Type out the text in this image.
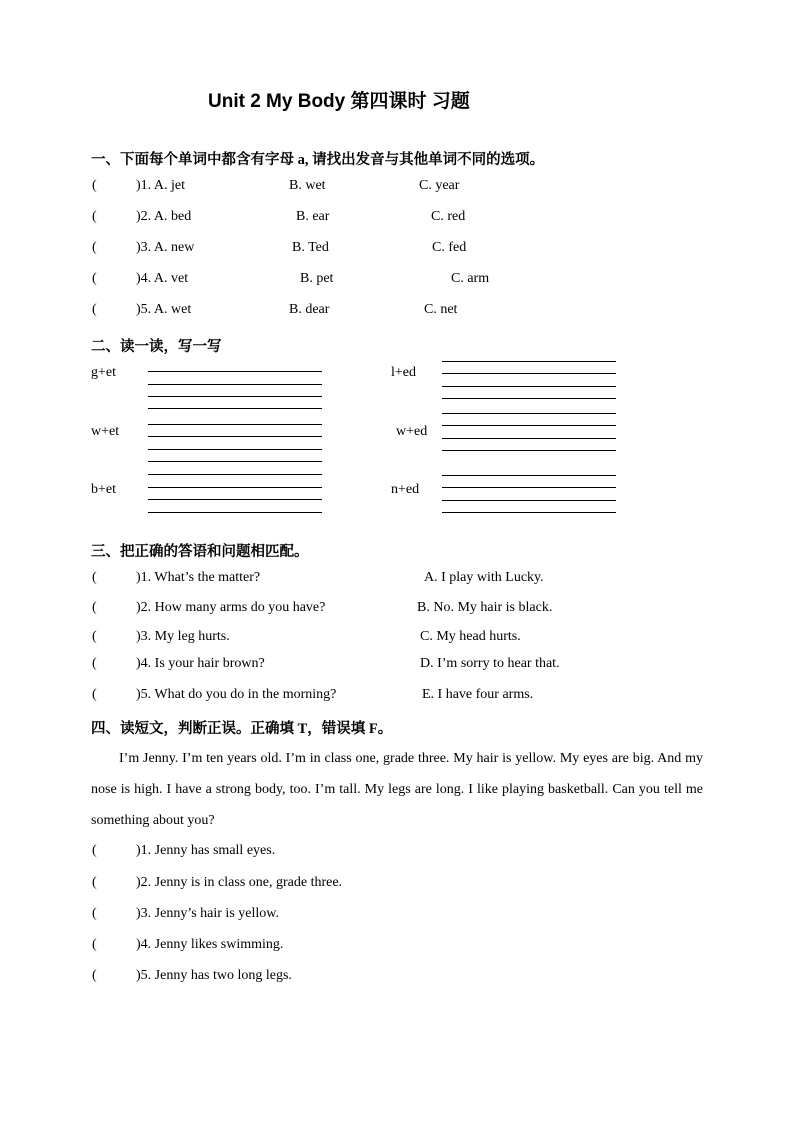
Unit 2 My Body 第四课时 习题
一、下面每个单词中都含有字母 a, 请找出发音与其他单词不同的选项。
(	)1. A. jet	B. wet	C. year
(	)2. A. bed	B. ear	C. red
(	)3. A. new	B. Ted	C. fed
(	)4. A. vet	B. pet	C. arm
(	)5. A. wet	B. dear	C. net
二、读一读，写一写
g+et	l+ed
w+et	w+ed
b+et	n+ed
三、把正确的答语和问题相匹配。
(	)1. What’s the matter?	A. I play with Lucky.
(	)2. How many arms do you have?	B. No. My hair is black.
(	)3. My leg hurts.	C. My head hurts.
(	)4. Is your hair brown?	D. I’m sorry to hear that.
(	)5. What do you do in the morning?	E. I have four arms.
四、读短文，判断正误。正确填 T，错误填 F。
I’m Jenny. I’m ten years old. I’m in class one, grade three. My hair is yellow. My eyes are big. And my nose is high. I have a strong body, too. I’m tall. My legs are long. I like playing basketball. Can you tell me something about you?
(	)1. Jenny has small eyes.
(	)2. Jenny is in class one, grade three.
(	)3. Jenny’s hair is yellow.
(	)4. Jenny likes swimming.
(	)5. Jenny has two long legs.
